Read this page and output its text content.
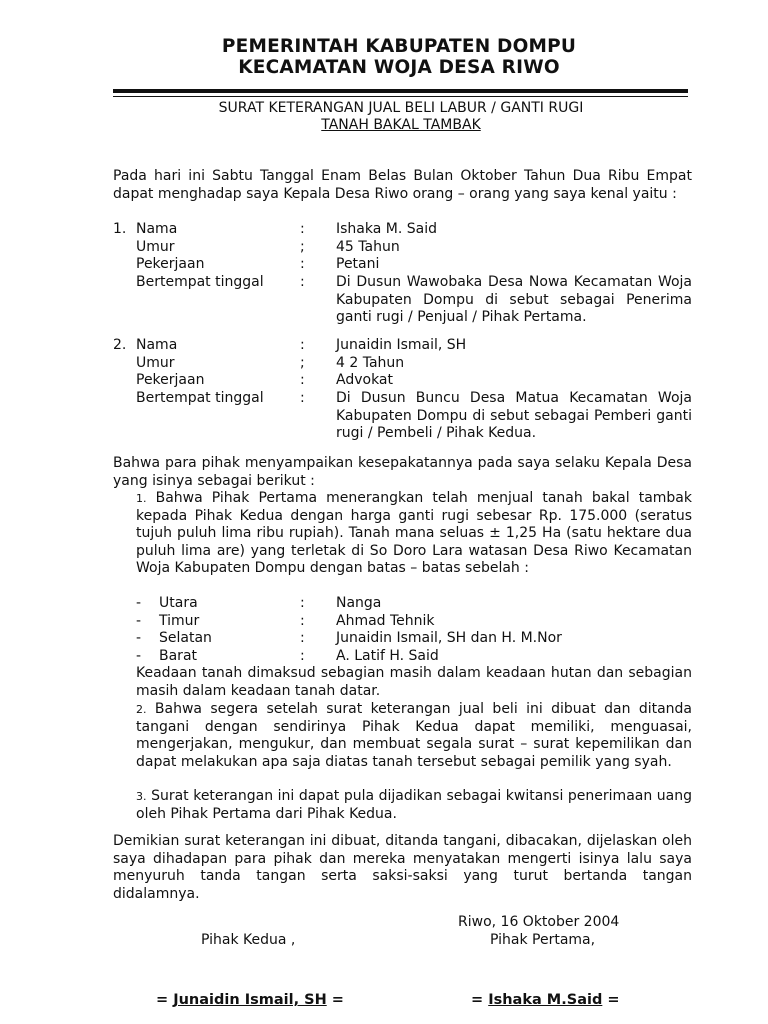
PEMERINTAH KABUPATEN DOMPU
KECAMATAN WOJA DESA RIWO
SURAT KETERANGAN JUAL BELI LABUR / GANTI RUGI
TANAH BAKAL TAMBAK
Pada hari ini Sabtu Tanggal Enam Belas Bulan Oktober Tahun Dua Ribu Empat dapat menghadap saya Kepala Desa Riwo orang – orang yang saya kenal yaitu :
1. Nama	: Ishaka M. Said
Umur	; 45 Tahun
Pekerjaan	: Petani
Bertempat tinggal	: Di Dusun Wawobaka Desa Nowa Kecamatan Woja Kabupaten Dompu di sebut sebagai Penerima ganti rugi / Penjual / Pihak Pertama.
2. Nama	: Junaidin Ismail, SH
Umur	; 4 2 Tahun
Pekerjaan	: Advokat
Bertempat tinggal	: Di Dusun Buncu Desa Matua Kecamatan Woja Kabupaten Dompu di sebut sebagai Pemberi ganti rugi / Pembeli / Pihak Kedua.
Bahwa para pihak menyampaikan kesepakatannya pada saya selaku Kepala Desa yang isinya sebagai berikut :
1. Bahwa Pihak Pertama menerangkan telah menjual tanah bakal tambak kepada Pihak Kedua dengan harga ganti rugi sebesar Rp. 175.000 (seratus tujuh puluh lima ribu rupiah). Tanah mana seluas ± 1,25 Ha (satu hektare dua puluh lima are) yang terletak di So Doro Lara watasan Desa Riwo Kecamatan Woja Kabupaten Dompu dengan batas – batas sebelah :
- Utara	: Nanga
- Timur	: Ahmad Tehnik
- Selatan	: Junaidin Ismail, SH dan H. M.Nor
- Barat	: A. Latif H. Said
Keadaan tanah dimaksud sebagian masih dalam keadaan hutan dan sebagian masih dalam keadaan tanah datar.
2. Bahwa segera setelah surat keterangan jual beli ini dibuat dan ditanda tangani dengan sendirinya Pihak Kedua dapat memiliki, menguasai, mengerjakan, mengukur, dan membuat segala surat – surat kepemilikan dan dapat melakukan apa saja diatas tanah tersebut sebagai pemilik yang syah.
3. Surat keterangan ini dapat pula dijadikan sebagai kwitansi penerimaan uang oleh Pihak Pertama dari Pihak Kedua.
Demikian surat keterangan ini dibuat, ditanda tangani, dibacakan, dijelaskan oleh saya dihadapan para pihak dan mereka menyatakan mengerti isinya lalu saya menyuruh tanda tangan serta saksi-saksi yang turut bertanda tangan didalamnya.
Riwo, 16 Oktober 2004
Pihak Kedua ,	Pihak Pertama,
= Junaidin Ismail, SH =	= Ishaka M.Said =
